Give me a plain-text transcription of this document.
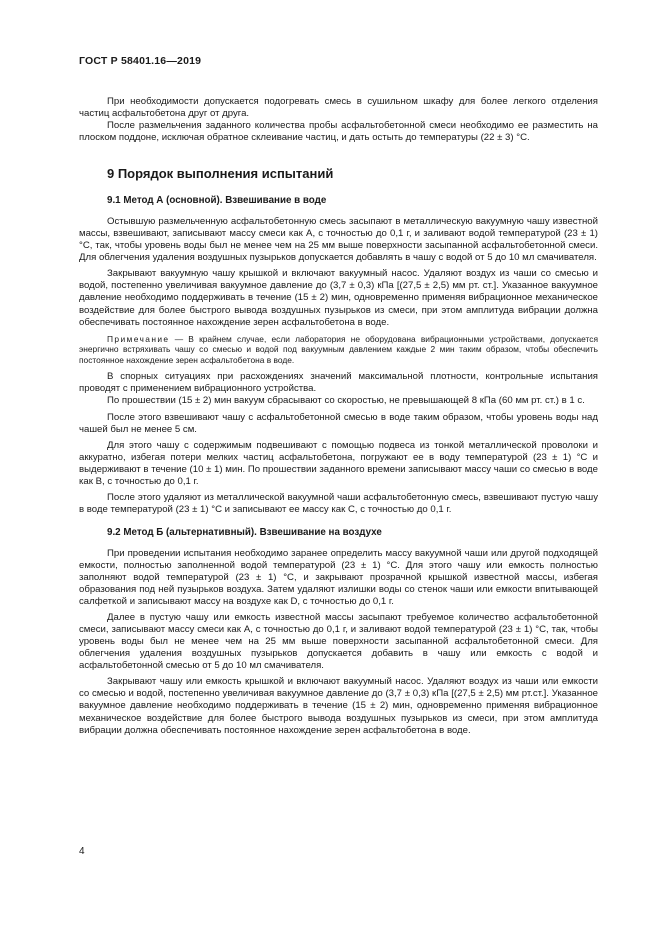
ГОСТ Р 58401.16—2019

При необходимости допускается подогревать смесь в сушильном шкафу для более легкого отделения частиц асфальтобетона друг от друга.

После размельчения заданного количества пробы асфальтобетонной смеси необходимо ее разместить на плоском поддоне, исключая обратное склеивание частиц, и дать остыть до температуры (22 ± 3) °С.

9 Порядок выполнения испытаний
9.1 Метод А (основной). Взвешивание в воде

Остывшую размельченную асфальтобетонную смесь засыпают в металлическую вакуумную чашу известной массы, взвешивают, записывают массу смеси как А, с точностью до 0,1 г, и заливают водой температурой (23 ± 1) °С, так, чтобы уровень воды был не менее чем на 25 мм выше поверхности засыпанной асфальтобетонной смеси. Для облегчения удаления воздушных пузырьков допускается добавлять в чашу с водой от 5 до 10 мл смачивателя.

Закрывают вакуумную чашу крышкой и включают вакуумный насос. Удаляют воздух из чаши со смесью и водой, постепенно увеличивая вакуумное давление до (3,7 ± 0,3) кПа [(27,5 ± 2,5) мм рт. ст.]. Указанное вакуумное давление необходимо поддерживать в течение (15 ± 2) мин, одновременно применяя вибрационное механическое воздействие для более быстрого вывода воздушных пузырьков из смеси, при этом амплитуда вибрации должна обеспечивать постоянное нахождение зерен асфальтобетона в воде.

Примечание — В крайнем случае, если лаборатория не оборудована вибрационными устройствами, допускается энергично встряхивать чашу со смесью и водой под вакуумным давлением каждые 2 мин таким образом, чтобы обеспечить постоянное нахождение зерен асфальтобетона в воде.

В спорных ситуациях при расхождениях значений максимальной плотности, контрольные испытания проводят с применением вибрационного устройства.

По прошествии (15 ± 2) мин вакуум сбрасывают со скоростью, не превышающей 8 кПа (60 мм рт. ст.) в 1 с.

После этого взвешивают чашу с асфальтобетонной смесью в воде таким образом, чтобы уровень воды над чашей был не менее 5 см.

Для этого чашу с содержимым подвешивают с помощью подвеса из тонкой металлической проволоки и аккуратно, избегая потери мелких частиц асфальтобетона, погружают ее в воду температурой (23 ± 1) °С и выдерживают в течение (10 ± 1) мин. По прошествии заданного времени записывают массу чаши со смесью в воде как В, с точностью до 0,1 г.

После этого удаляют из металлической вакуумной чаши асфальтобетонную смесь, взвешивают пустую чашу в воде температурой (23 ± 1) °С и записывают ее массу как С, с точностью до 0,1 г.

9.2 Метод Б (альтернативный). Взвешивание на воздухе

При проведении испытания необходимо заранее определить массу вакуумной чаши или другой подходящей емкости, полностью заполненной водой температурой (23 ± 1) °С. Для этого чашу или емкость полностью заполняют водой температурой (23 ± 1) °С, и закрывают прозрачной крышкой известной массы, избегая образования под ней пузырьков воздуха. Затем удаляют излишки воды со стенок чаши или емкости впитывающей салфеткой и записывают массу на воздухе как D, с точностью до 0,1 г.

Далее в пустую чашу или емкость известной массы засыпают требуемое количество асфальтобетонной смеси, записывают массу смеси как А, с точностью до 0,1 г, и заливают водой температурой (23 ± 1) °С, так, чтобы уровень воды был не менее чем на 25 мм выше поверхности засыпанной асфальтобетонной смеси. Для облегчения удаления воздушных пузырьков допускается добавить в чашу или емкость с водой и асфальтобетонной смесью от 5 до 10 мл смачивателя.

Закрывают чашу или емкость крышкой и включают вакуумный насос. Удаляют воздух из чаши или емкости со смесью и водой, постепенно увеличивая вакуумное давление до (3,7 ± 0,3) кПа [(27,5 ± 2,5) мм рт.ст.]. Указанное вакуумное давление необходимо поддерживать в течение (15 ± 2) мин, одновременно применяя вибрационное механическое воздействие для более быстрого вывода воздушных пузырьков из смеси, при этом амплитуда вибрации должна обеспечивать постоянное нахождение зерен асфальтобетона в воде.

4
